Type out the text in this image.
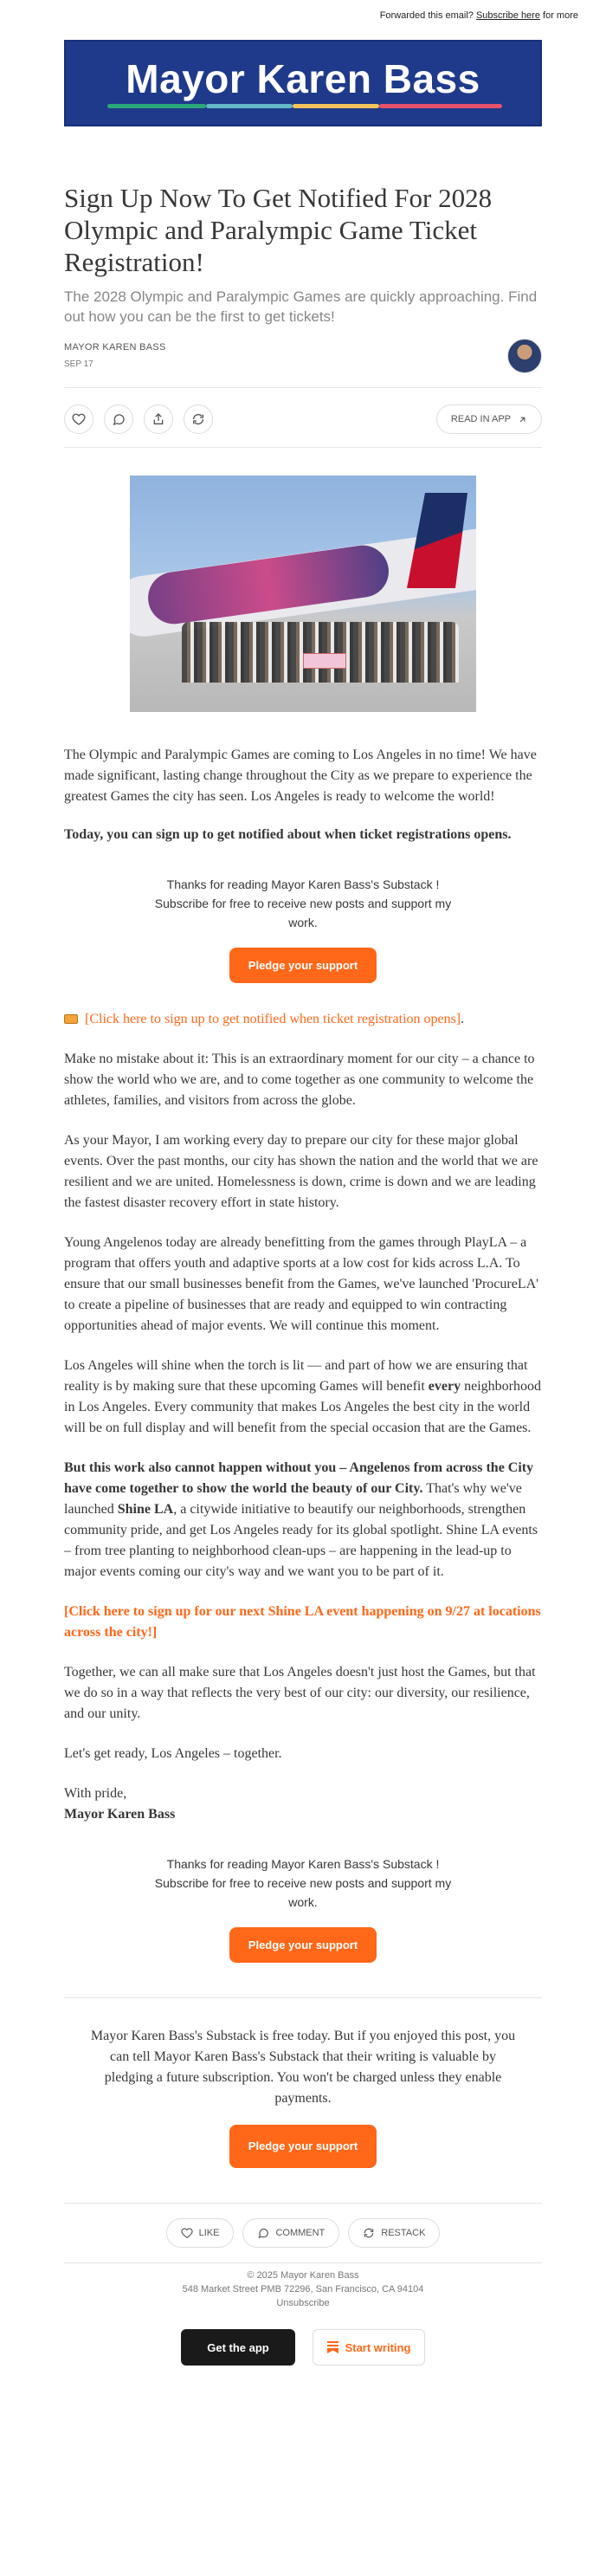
Forwarded this email? Subscribe here for more
Mayor Karen Bass
Sign Up Now To Get Notified For 2028 Olympic and Paralympic Game Ticket Registration!
The 2028 Olympic and Paralympic Games are quickly approaching. Find out how you can be the first to get tickets!
MAYOR KAREN BASS
SEP 17
READ IN APP

The Olympic and Paralympic Games are coming to Los Angeles in no time! We have made significant, lasting change throughout the City as we prepare to experience the greatest Games the city has seen. Los Angeles is ready to welcome the world!

Today, you can sign up to get notified about when ticket registrations opens.
Thanks for reading Mayor Karen Bass's Substack ! Subscribe for free to receive new posts and support my work.
Pledge your support
[Click here to sign up to get notified when ticket registration opens].

Make no mistake about it: This is an extraordinary moment for our city – a chance to show the world who we are, and to come together as one community to welcome the athletes, families, and visitors from across the globe.

As your Mayor, I am working every day to prepare our city for these major global events. Over the past months, our city has shown the nation and the world that we are resilient and we are united. Homelessness is down, crime is down and we are leading the fastest disaster recovery effort in state history.

Young Angelenos today are already benefitting from the games through PlayLA – a program that offers youth and adaptive sports at a low cost for kids across L.A. To ensure that our small businesses benefit from the Games, we've launched 'ProcureLA' to create a pipeline of businesses that are ready and equipped to win contracting opportunities ahead of major events. We will continue this moment.

Los Angeles will shine when the torch is lit — and part of how we are ensuring that reality is by making sure that these upcoming Games will benefit every neighborhood in Los Angeles. Every community that makes Los Angeles the best city in the world will be on full display and will benefit from the special occasion that are the Games.

But this work also cannot happen without you – Angelenos from across the City have come together to show the world the beauty of our City. That's why we've launched Shine LA, a citywide initiative to beautify our neighborhoods, strengthen community pride, and get Los Angeles ready for its global spotlight. Shine LA events – from tree planting to neighborhood clean-ups – are happening in the lead-up to major events coming our city's way and we want you to be part of it.

[Click here to sign up for our next Shine LA event happening on 9/27 at locations across the city!]

Together, we can all make sure that Los Angeles doesn't just host the Games, but that we do so in a way that reflects the very best of our city: our diversity, our resilience, and our unity.

Let's get ready, Los Angeles – together.

With pride,
Mayor Karen Bass
Thanks for reading Mayor Karen Bass's Substack ! Subscribe for free to receive new posts and support my work.
Pledge your support
Mayor Karen Bass's Substack is free today. But if you enjoyed this post, you can tell Mayor Karen Bass's Substack that their writing is valuable by pledging a future subscription. You won't be charged unless they enable payments.
Pledge your support
LIKE	COMMENT	RESTACK
© 2025 Mayor Karen Bass
548 Market Street PMB 72296, San Francisco, CA 94104
Unsubscribe
Get the app	Start writing
